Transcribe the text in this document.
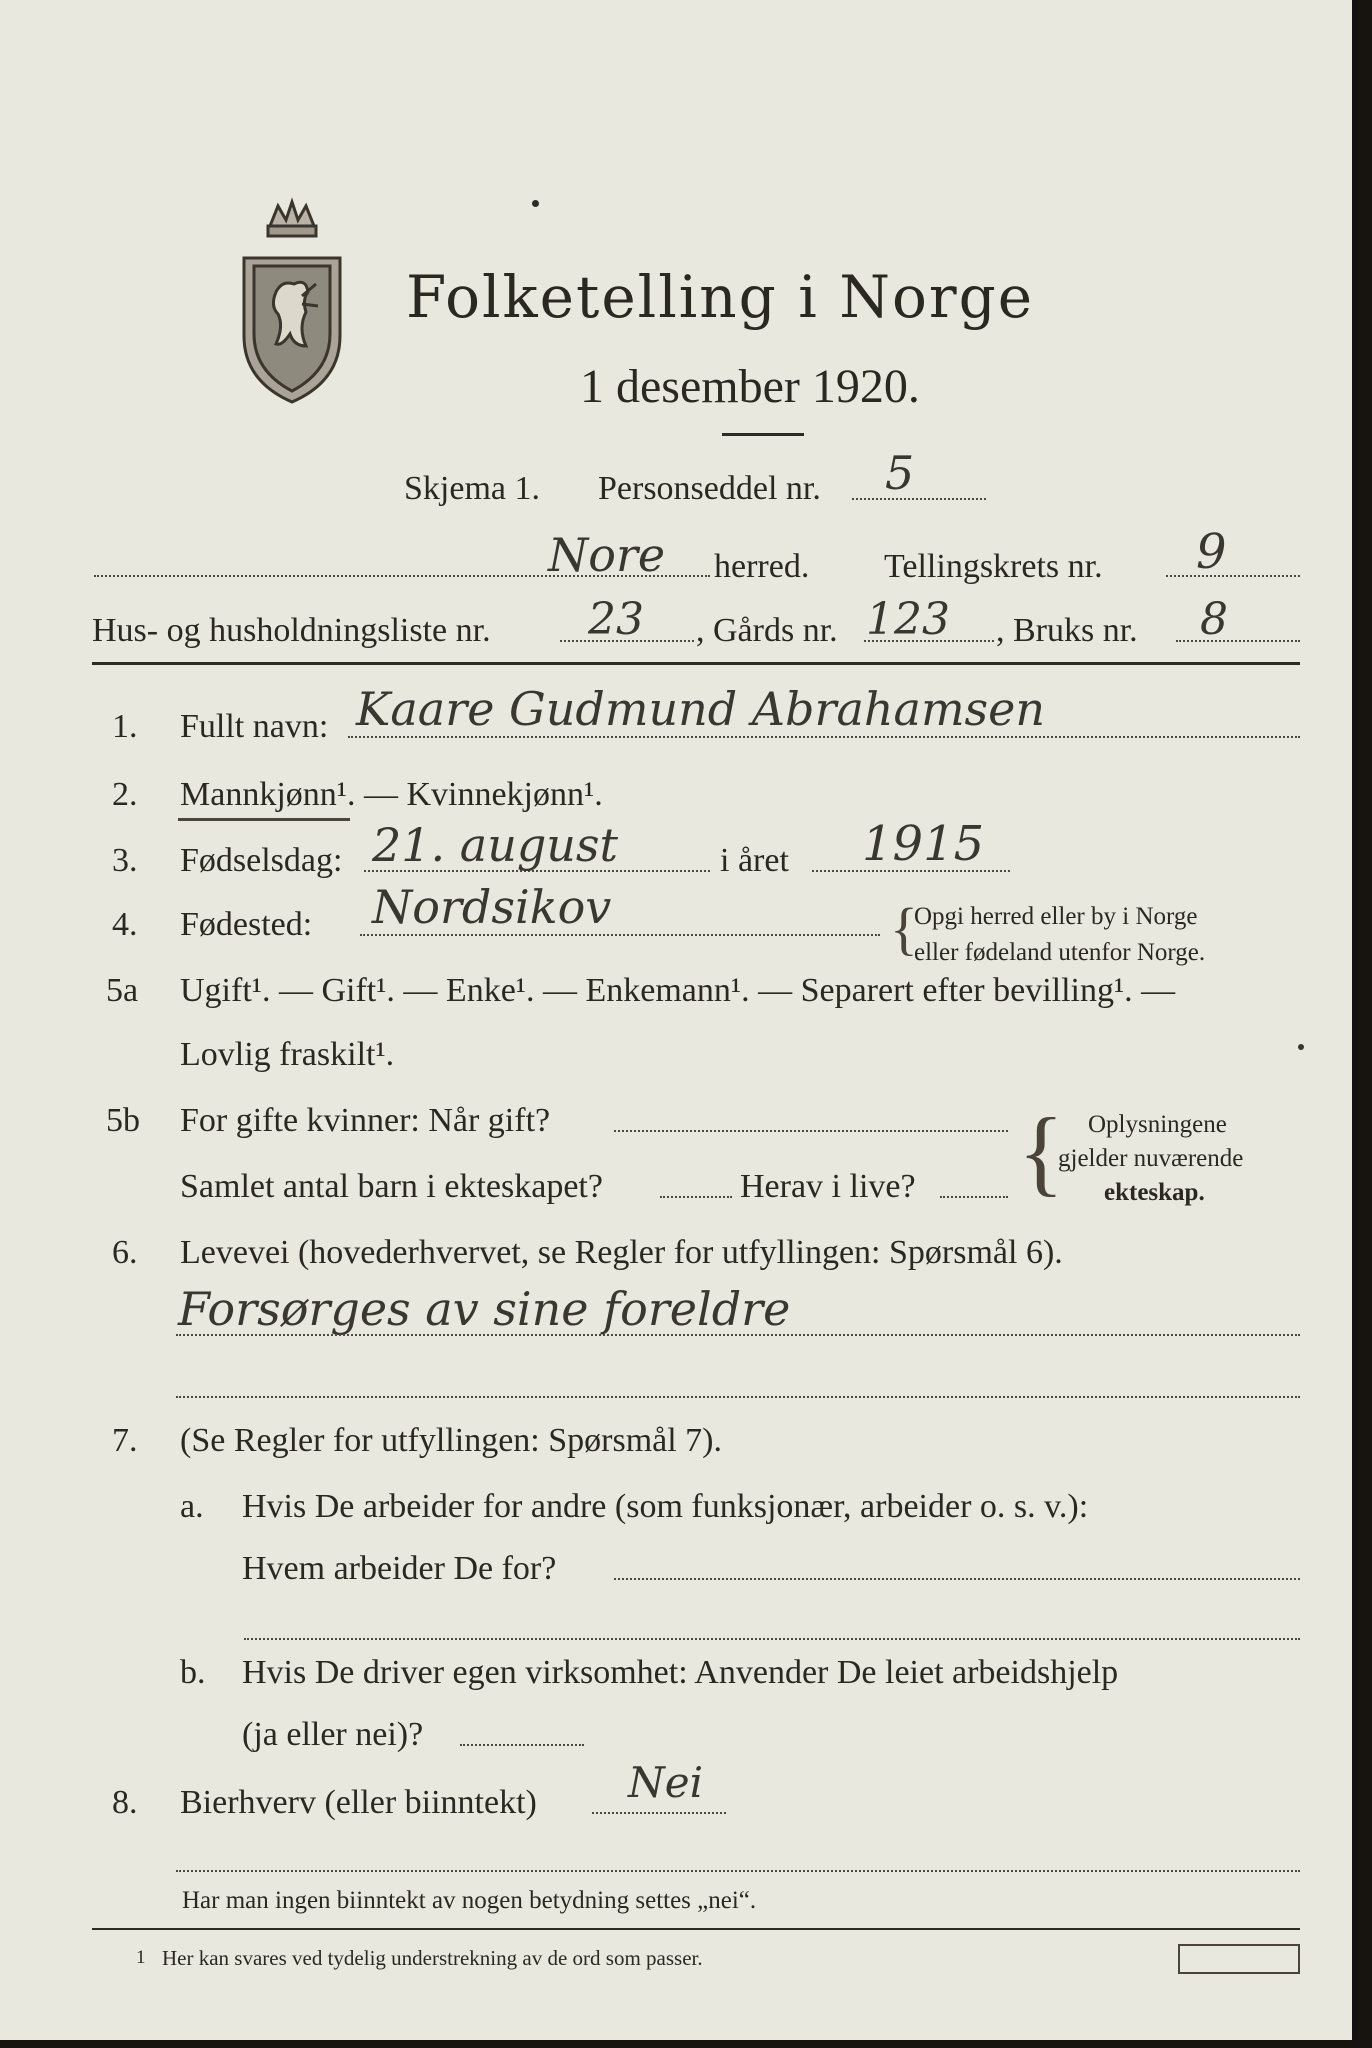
Folketelling i Norge
1 desember 1920.
Skjema 1. Personseddel nr. 5
Nore herred. Tellingskrets nr. 9
Hus- og husholdningsliste nr. 23 , Gårds nr. 123 , Bruks nr. 8
1. Fullt navn: Kaare Gudmund Abrahamsen
2. Mannkjønn¹. — Kvinnekjønn¹.
3. Fødselsdag: 21. august	i året 1915
4. Fødested: Nordsikov	{
Opgi herred eller by i Norge
eller fødeland utenfor Norge.
5a Ugift¹. — Gift¹. — Enke¹. — Enkemann¹. — Separert efter bevilling¹. —
Lovlig fraskilt¹.
5b For gifte kvinner: Når gift?
Samlet antal barn i ekteskapet?	Herav i live? { Oplysningene
gjelder nuværende
ekteskap.
6. Levevei (hovederhvervet, se Regler for utfyllingen: Spørsmål 6).
Forsørges av sine foreldre
7. (Se Regler for utfyllingen: Spørsmål 7).
a. Hvis De arbeider for andre (som funksjonær, arbeider o. s. v.):
Hvem arbeider De for?
b. Hvis De driver egen virksomhet: Anvender De leiet arbeidshjelp
(ja eller nei)?
8. Bierhverv (eller biinntekt) Nei
Har man ingen biinntekt av nogen betydning settes „nei“.
1 Her kan svares ved tydelig understrekning av de ord som passer.
